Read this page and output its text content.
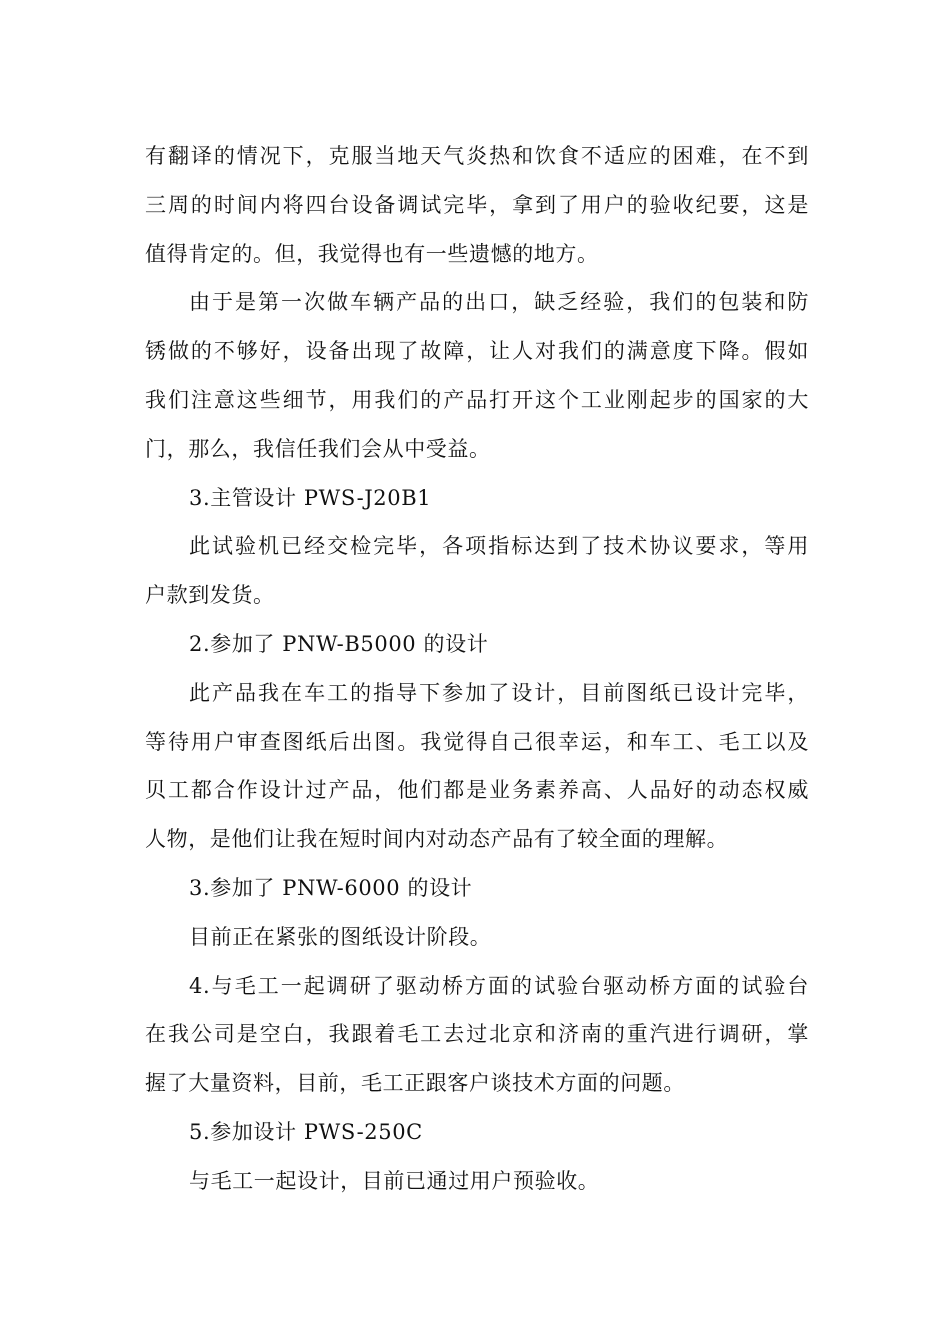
有翻译的情况下，克服当地天气炎热和饮食不适应的困难，在不到
三周的时间内将四台设备调试完毕，拿到了用户的验收纪要，这是
值得肯定的。但，我觉得也有一些遗憾的地方。
由于是第一次做车辆产品的出口，缺乏经验，我们的包装和防
锈做的不够好，设备出现了故障，让人对我们的满意度下降。假如
我们注意这些细节，用我们的产品打开这个工业刚起步的国家的大
门，那么，我信任我们会从中受益。
3.主管设计 PWS-J20B1
此试验机已经交检完毕，各项指标达到了技术协议要求，等用
户款到发货。
2.参加了 PNW-B5000 的设计
此产品我在车工的指导下参加了设计，目前图纸已设计完毕，
等待用户审查图纸后出图。我觉得自己很幸运，和车工、毛工以及
贝工都合作设计过产品，他们都是业务素养高、人品好的动态权威
人物，是他们让我在短时间内对动态产品有了较全面的理解。
3.参加了 PNW-6000 的设计
目前正在紧张的图纸设计阶段。
4.与毛工一起调研了驱动桥方面的试验台驱动桥方面的试验台
在我公司是空白，我跟着毛工去过北京和济南的重汽进行调研，掌
握了大量资料，目前，毛工正跟客户谈技术方面的问题。
5.参加设计 PWS-250C
与毛工一起设计，目前已通过用户预验收。
